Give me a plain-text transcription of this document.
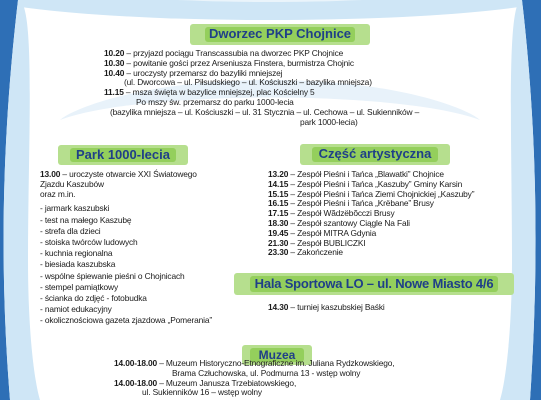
Dworzec PKP Chojnice
10.20 – przyjazd pociągu Transcassubia na dworzec PKP Chojnice
10.30 – powitanie gości przez Arseniusza Finstera, burmistrza Chojnic
10.40 – uroczysty przemarsz do bazyliki mniejszej
(ul. Dworcowa – ul. Piłsudskiego – ul. Kościuszki – bazylika mniejsza)
11.15 – msza święta w bazylice mniejszej, plac Kościelny 5
Po mszy św. przemarsz do parku 1000-lecia
(bazylika mniejsza – ul. Kościuszki – ul. 31 Stycznia – ul. Cechowa – ul. Sukienników –
park 1000-lecia)
Park 1000-lecia
13.00 – uroczyste otwarcie XXI Światowego
Zjazdu Kaszubów
oraz m.in.
- jarmark kaszubski
- test na małego Kaszubę
- strefa dla dzieci
- stoiska twórców ludowych
- kuchnia regionalna
- biesiada kaszubska
- wspólne śpiewanie pieśni o Chojnicach
- stempel pamiątkowy
- ścianka do zdjęć - fotobudka
- namiot edukacyjny
- okolicznościowa gazeta zjazdowa „Pomerania”
Część artystyczna
13.20 – Zespół Pieśni i Tańca „Blawatki” Chojnice
14.15 – Zespół Pieśni i Tańca „Kaszuby” Gminy Karsin
15.15 – Zespół Pieśni i Tańca Ziemi Chojnickiej „Kaszuby”
16.15 – Zespół Pieśni i Tańca „Krëbane” Brusy
17.15 – Zespół Wãdzëbõcczi Brusy
18.30 – Zespół szantowy Ciągle Na Fali
19.45 – Zespół MITRA Gdynia
21.30 – Zespół BUBLICZKI
23.30 – Zakończenie
Hala Sportowa LO – ul. Nowe Miasto 4/6
14.30 – turniej kaszubskiej Baśki
Muzea
14.00-18.00 – Muzeum Historyczno-Etnograficzne im. Juliana Rydzkowskiego,
Brama Człuchowska, ul. Podmurna 13 - wstęp wolny
14.00-18.00 – Muzeum Janusza Trzebiatowskiego,
ul. Sukienników 16 – wstęp wolny
